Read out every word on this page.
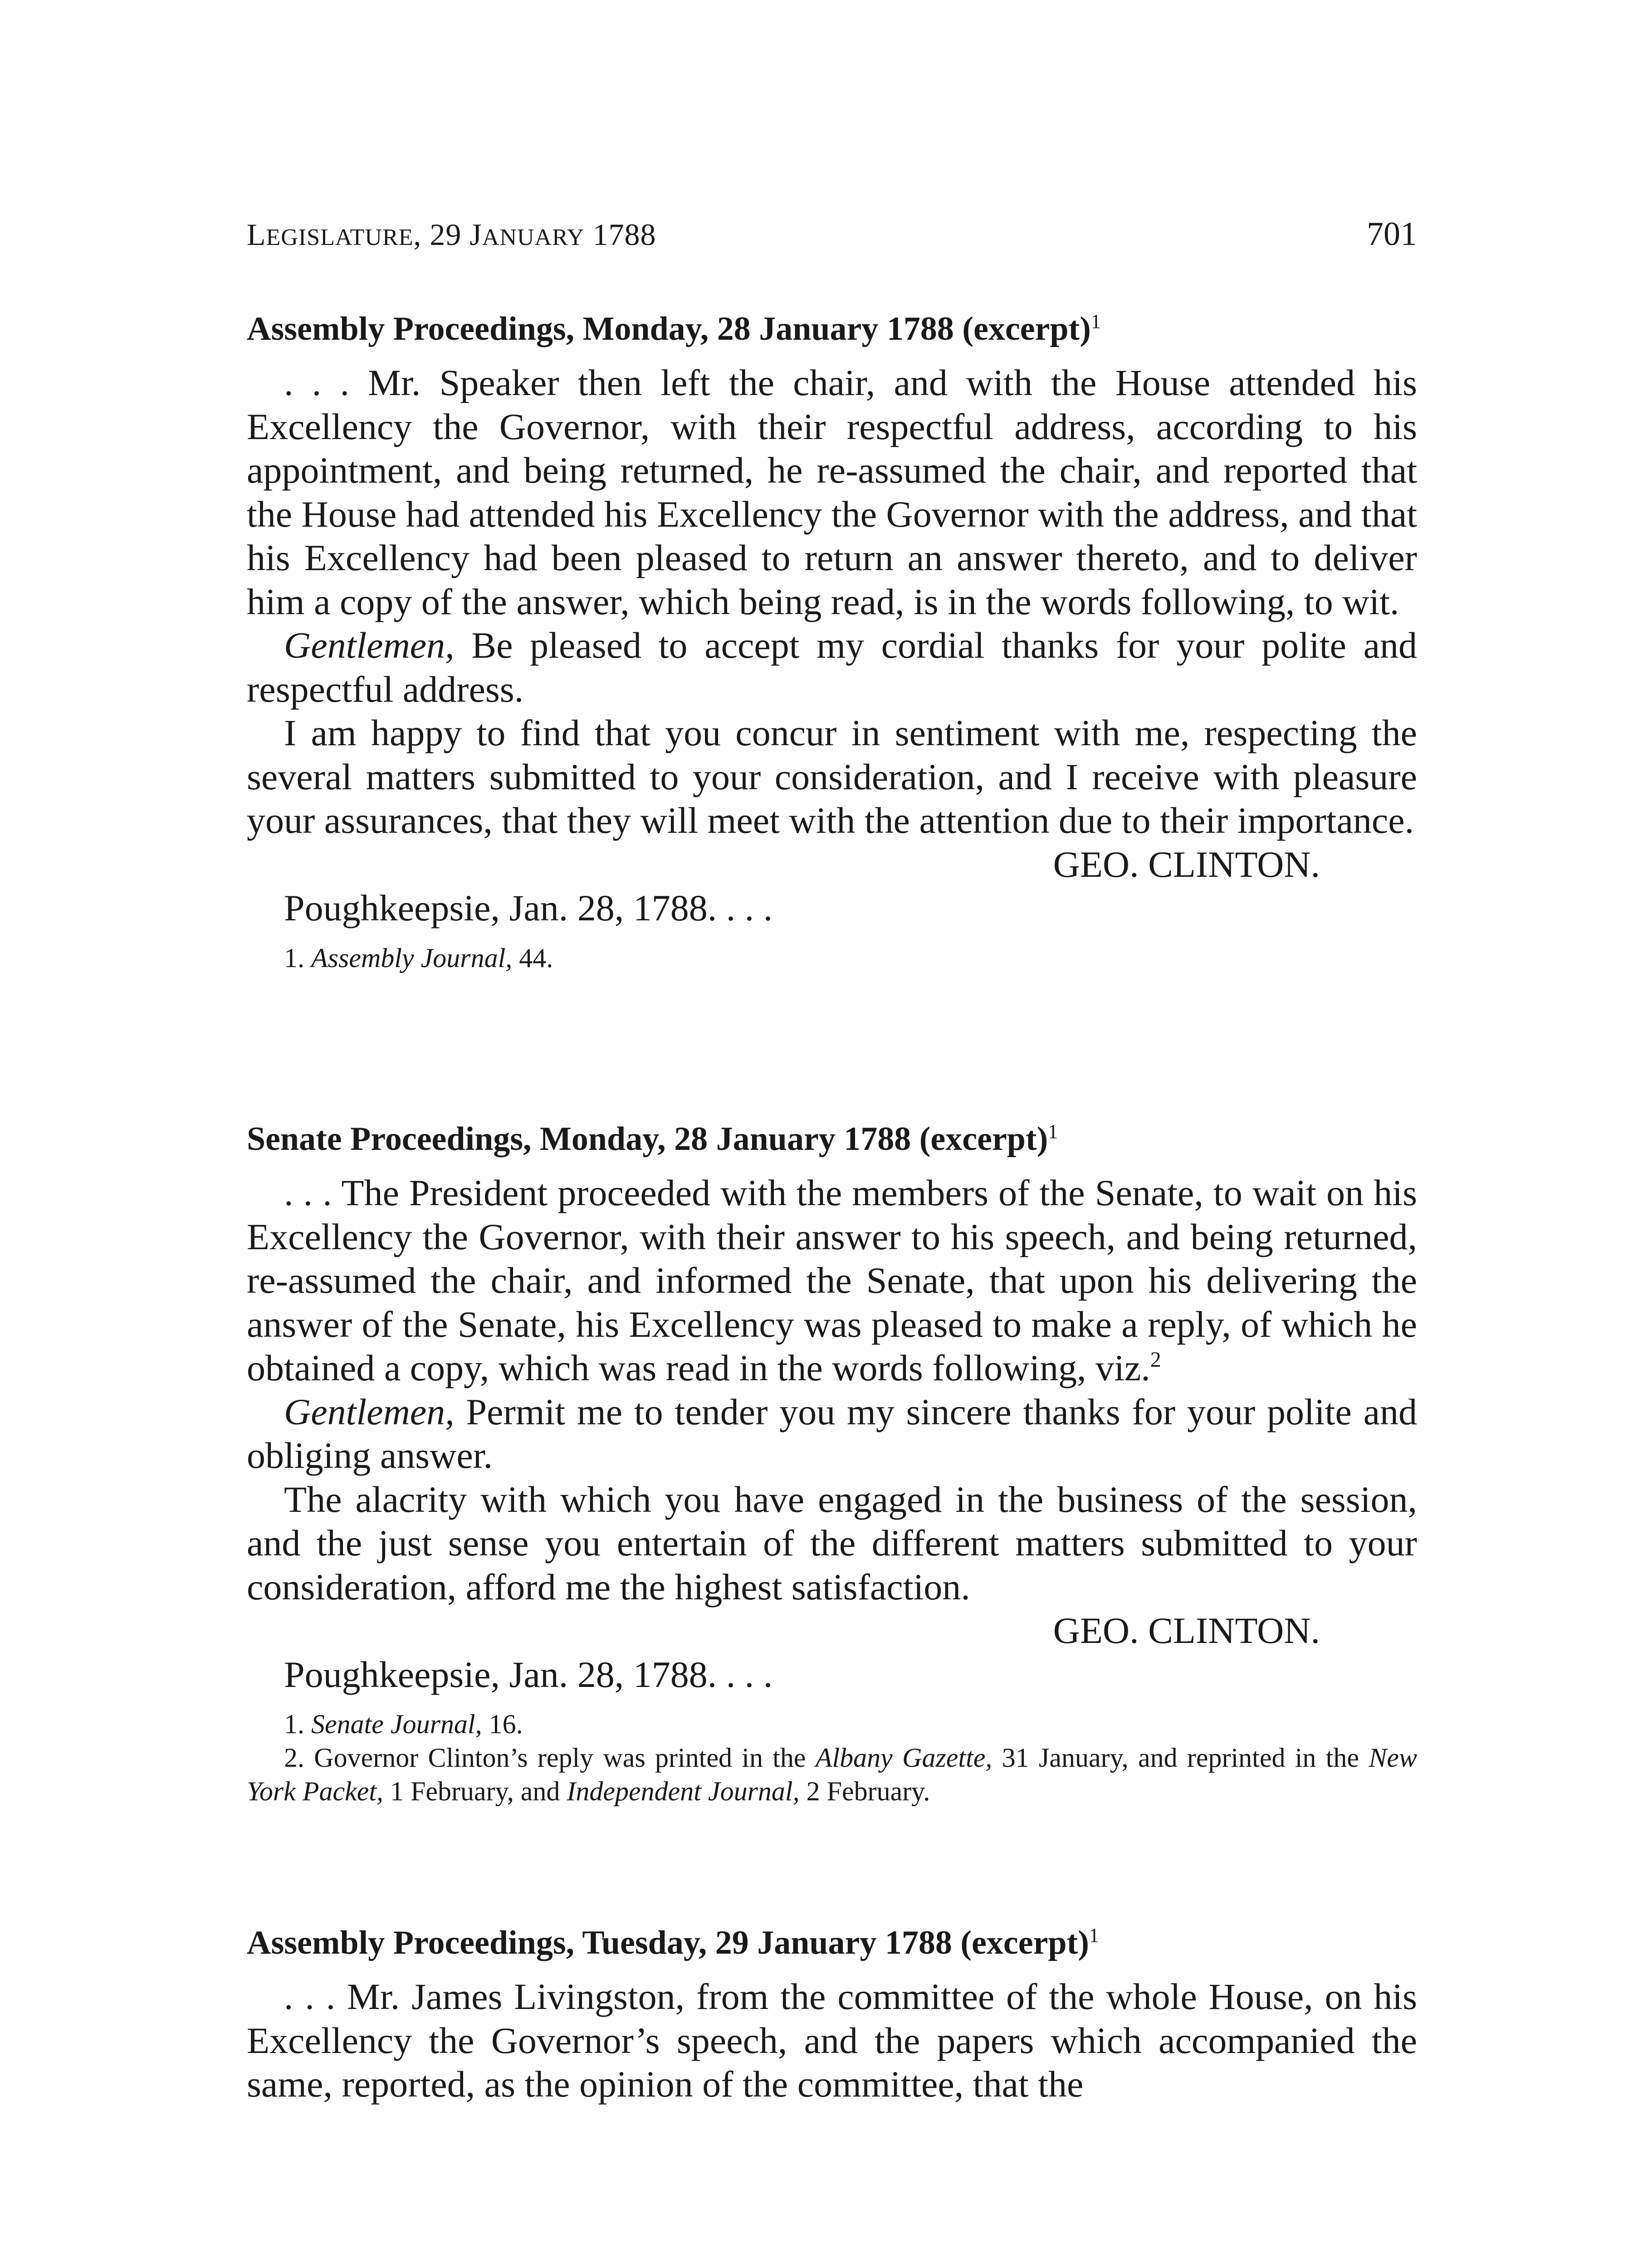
LEGISLATURE, 29 JANUARY 1788	701
Assembly Proceedings, Monday, 28 January 1788 (excerpt)$^1$

. . . Mr. Speaker then left the chair, and with the House attended his Excellency the Governor, with their respectful address, according to his appointment, and being returned, he re-assumed the chair, and reported that the House had attended his Excellency the Governor with the address, and that his Excellency had been pleased to return an answer thereto, and to deliver him a copy of the answer, which being read, is in the words following, to wit.

Gentlemen, Be pleased to accept my cordial thanks for your polite and respectful address.

I am happy to find that you concur in sentiment with me, respecting the several matters submitted to your consideration, and I receive with pleasure your assurances, that they will meet with the attention due to their importance.

GEO. CLINTON.

Poughkeepsie, Jan. 28, 1788. . . .

1. Assembly Journal, 44.

Senate Proceedings, Monday, 28 January 1788 (excerpt)$^1$

. . . The President proceeded with the members of the Senate, to wait on his Excellency the Governor, with their answer to his speech, and being returned, re-assumed the chair, and informed the Senate, that upon his delivering the answer of the Senate, his Excellency was pleased to make a reply, of which he obtained a copy, which was read in the words following, viz.$^2$

Gentlemen, Permit me to tender you my sincere thanks for your polite and obliging answer.

The alacrity with which you have engaged in the business of the session, and the just sense you entertain of the different matters submitted to your consideration, afford me the highest satisfaction.

GEO. CLINTON.

Poughkeepsie, Jan. 28, 1788. . . .

1. Senate Journal, 16.

2. Governor Clinton’s reply was printed in the Albany Gazette, 31 January, and reprinted in the New York Packet, 1 February, and Independent Journal, 2 February.

Assembly Proceedings, Tuesday, 29 January 1788 (excerpt)$^1$

. . . Mr. James Livingston, from the committee of the whole House, on his Excellency the Governor’s speech, and the papers which accompanied the same, reported, as the opinion of the committee, that the
